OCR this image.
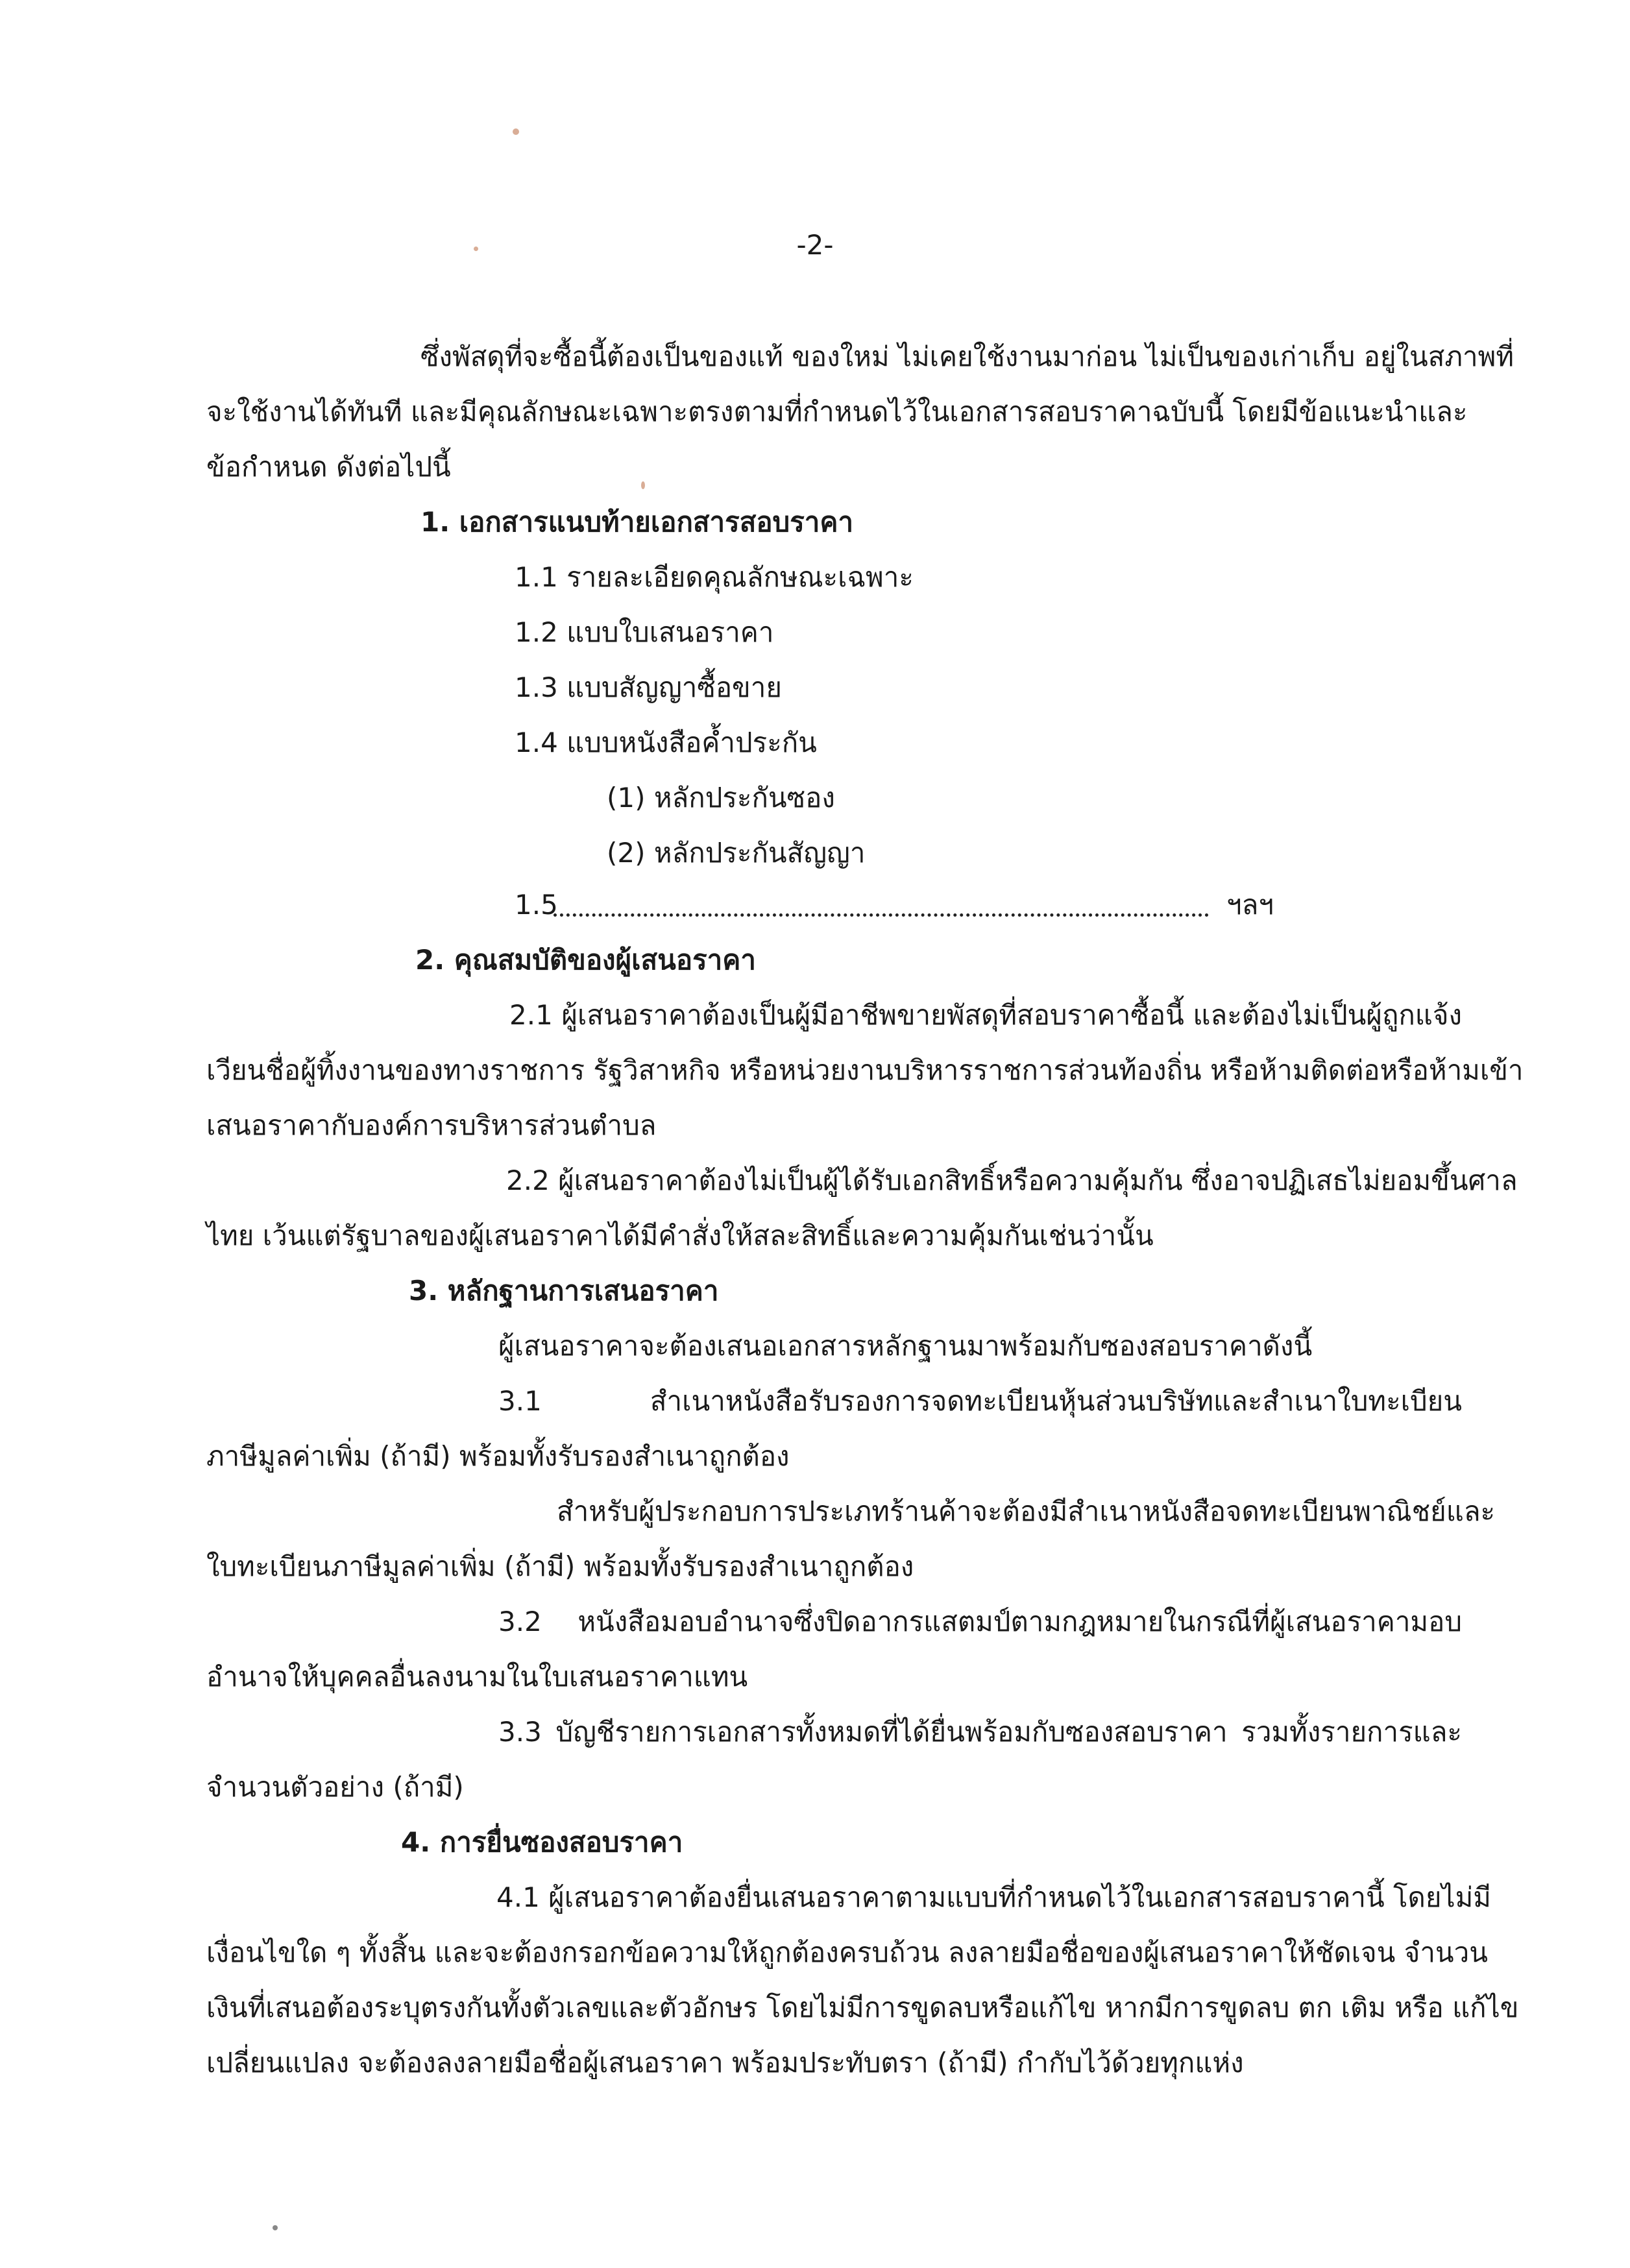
-2-
ซึ่งพัสดุที่จะซื้อนี้ต้องเป็นของแท้ ของใหม่ ไม่เคยใช้งานมาก่อน ไม่เป็นของเก่าเก็บ อยู่ในสภาพที่
จะใช้งานได้ทันที และมีคุณลักษณะเฉพาะตรงตามที่กำหนดไว้ในเอกสารสอบราคาฉบับนี้ โดยมีข้อแนะนำและ
ข้อกำหนด ดังต่อไปนี้
1. เอกสารแนบท้ายเอกสารสอบราคา
1.1 รายละเอียดคุณลักษณะเฉพาะ
1.2 แบบใบเสนอราคา
1.3 แบบสัญญาซื้อขาย
1.4 แบบหนังสือค้ำประกัน
(1) หลักประกันซอง
(2) หลักประกันสัญญา
1.5	ฯลฯ
2. คุณสมบัติของผู้เสนอราคา
2.1 ผู้เสนอราคาต้องเป็นผู้มีอาชีพขายพัสดุที่สอบราคาซื้อนี้ และต้องไม่เป็นผู้ถูกแจ้ง
เวียนชื่อผู้ทิ้งงานของทางราชการ รัฐวิสาหกิจ หรือหน่วยงานบริหารราชการส่วนท้องถิ่น หรือห้ามติดต่อหรือห้ามเข้า
เสนอราคากับองค์การบริหารส่วนตำบล
2.2 ผู้เสนอราคาต้องไม่เป็นผู้ได้รับเอกสิทธิ์หรือความคุ้มกัน ซึ่งอาจปฏิเสธไม่ยอมขึ้นศาล
ไทย เว้นแต่รัฐบาลของผู้เสนอราคาได้มีคำสั่งให้สละสิทธิ์และความคุ้มกันเช่นว่านั้น
3. หลักฐานการเสนอราคา
ผู้เสนอราคาจะต้องเสนอเอกสารหลักฐานมาพร้อมกับซองสอบราคาดังนี้
3.1 สำเนาหนังสือรับรองการจดทะเบียนหุ้นส่วนบริษัทและสำเนาใบทะเบียน
ภาษีมูลค่าเพิ่ม (ถ้ามี) พร้อมทั้งรับรองสำเนาถูกต้อง
สำหรับผู้ประกอบการประเภทร้านค้าจะต้องมีสำเนาหนังสือจดทะเบียนพาณิชย์และ
ใบทะเบียนภาษีมูลค่าเพิ่ม (ถ้ามี) พร้อมทั้งรับรองสำเนาถูกต้อง
3.2 หนังสือมอบอำนาจซึ่งปิดอากรแสตมป์ตามกฎหมายในกรณีที่ผู้เสนอราคามอบ
อำนาจให้บุคคลอื่นลงนามในใบเสนอราคาแทน
3.3 บัญชีรายการเอกสารทั้งหมดที่ได้ยื่นพร้อมกับซองสอบราคา รวมทั้งรายการและ
จำนวนตัวอย่าง (ถ้ามี)
4. การยื่นซองสอบราคา
4.1 ผู้เสนอราคาต้องยื่นเสนอราคาตามแบบที่กำหนดไว้ในเอกสารสอบราคานี้ โดยไม่มี
เงื่อนไขใด ๆ ทั้งสิ้น และจะต้องกรอกข้อความให้ถูกต้องครบถ้วน ลงลายมือชื่อของผู้เสนอราคาให้ชัดเจน จำนวน
เงินที่เสนอต้องระบุตรงกันทั้งตัวเลขและตัวอักษร โดยไม่มีการขูดลบหรือแก้ไข หากมีการขูดลบ ตก เติม หรือ แก้ไข
เปลี่ยนแปลง จะต้องลงลายมือชื่อผู้เสนอราคา พร้อมประทับตรา (ถ้ามี) กำกับไว้ด้วยทุกแห่ง
